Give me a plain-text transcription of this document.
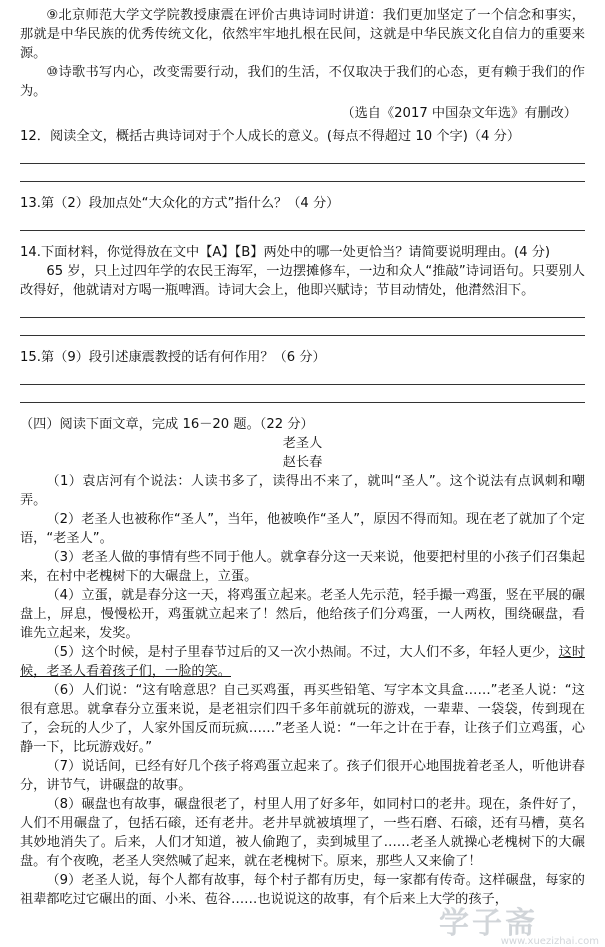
⑨北京师范大学文学院教授康震在评价古典诗词时讲道：我们更加坚定了一个信念和事实，那就是中华民族的优秀传统文化，依然牢牢地扎根在民间，这就是中华民族文化自信力的重要来源。

⑩诗歌书写内心，改变需要行动，我们的生活，不仅取决于我们的心态，更有赖于我们的作为。

（选自《2017 中国杂文年选》有删改）

12．阅读全文，概括古典诗词对于个人成长的意义。(每点不得超过 10 个字)（4 分）

13.第（2）段加点处“大众化的方式”指什么？（4 分）

14.下面材料，你觉得放在文中【A】【B】两处中的哪一处更恰当？请简要说明理由。(4 分)

65 岁，只上过四年学的农民王海军，一边摆摊修车，一边和众人“推敲”诗词语句。只要别人改得好，他就请对方喝一瓶啤酒。诗词大会上，他即兴赋诗；节目动情处，他潸然泪下。

15.第（9）段引述康震教授的话有何作用？（6 分）

（四）阅读下面文章，完成 16－20 题。（22 分）

老圣人

赵长春

（1）袁店河有个说法：人读书多了，读得出不来了，就叫“圣人”。这个说法有点讽刺和嘲弄。

（2）老圣人也被称作“圣人”，当年，他被唤作“圣人”，原因不得而知。现在老了就加了个定语，“老圣人”。

（3）老圣人做的事情有些不同于他人。就拿春分这一天来说，他要把村里的小孩子们召集起来，在村中老槐树下的大碾盘上，立蛋。

（4）立蛋，就是春分这一天，将鸡蛋立起来。老圣人先示范，轻手撮一鸡蛋，竖在平展的碾盘上，屏息，慢慢松开，鸡蛋就立起来了！然后，他给孩子们分鸡蛋，一人两枚，围绕碾盘，看谁先立起来，发奖。

（5）这个时候，是村子里春节过后的又一次小热闹。不过，大人们不多，年轻人更少，这时候，老圣人看着孩子们，一脸的笑。

（6）人们说：“这有啥意思？自己买鸡蛋，再买些铅笔、写字本文具盒……”老圣人说：“这很有意思。就拿春分立蛋来说，是老祖宗们四千多年前就玩的游戏，一辈辈、一袋袋，传到现在了，会玩的人少了，人家外国反而玩疯……”老圣人说：“一年之计在于春，让孩子们立鸡蛋，心静一下，比玩游戏好。”

（7）说话间，已经有好几个孩子将鸡蛋立起来了。孩子们很开心地围拢着老圣人，听他讲春分，讲节气，讲碾盘的故事。

（8）碾盘也有故事，碾盘很老了，村里人用了好多年，如同村口的老井。现在，条件好了，人们不用碾盘了，包括石磙，还有老井。老井早就被填埋了，一些石磨、石磙，还有马槽，莫名其妙地消失了。后来，人们才知道，被人偷跑了，卖到城里了……老圣人就操心老槐树下的大碾盘。有个夜晚，老圣人突然喊了起来，就在老槐树下。原来，那些人又来偷了！

（9）老圣人说，每个人都有故事，每个村子都有历史，每一家都有传奇。这样碾盘，每家的祖辈都吃过它碾出的面、小米、苞谷……也说说这的故事，有个后来上大学的孩子，

学子斋
www.xuezizhai.com
